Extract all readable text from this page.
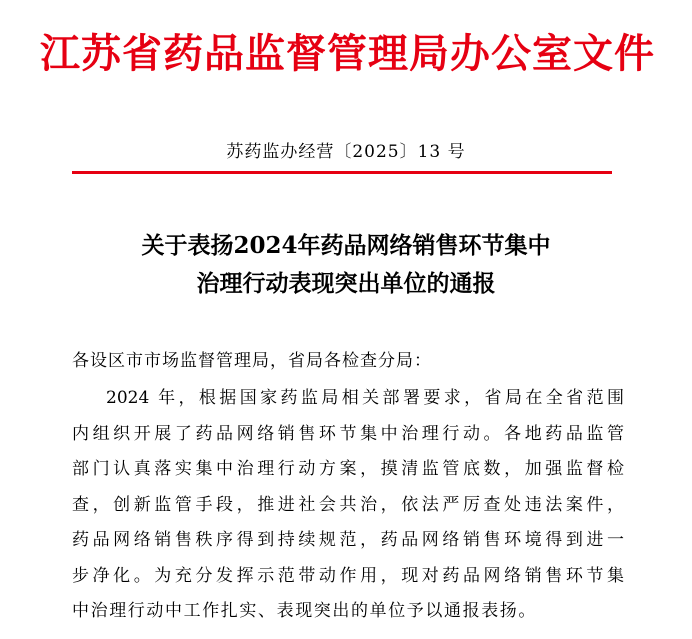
江苏省药品监督管理局办公室文件
苏药监办经营〔2025〕13 号
关于表扬2024年药品网络销售环节集中
治理行动表现突出单位的通报
各设区市市场监督管理局，省局各检查分局：
2024 年，根据国家药监局相关部署要求，省局在全省范围
内组织开展了药品网络销售环节集中治理行动。各地药品监管
部门认真落实集中治理行动方案，摸清监管底数，加强监督检
查，创新监管手段，推进社会共治，依法严厉查处违法案件，
药品网络销售秩序得到持续规范，药品网络销售环境得到进一
步净化。为充分发挥示范带动作用，现对药品网络销售环节集
中治理行动中工作扎实、表现突出的单位予以通报表扬。
